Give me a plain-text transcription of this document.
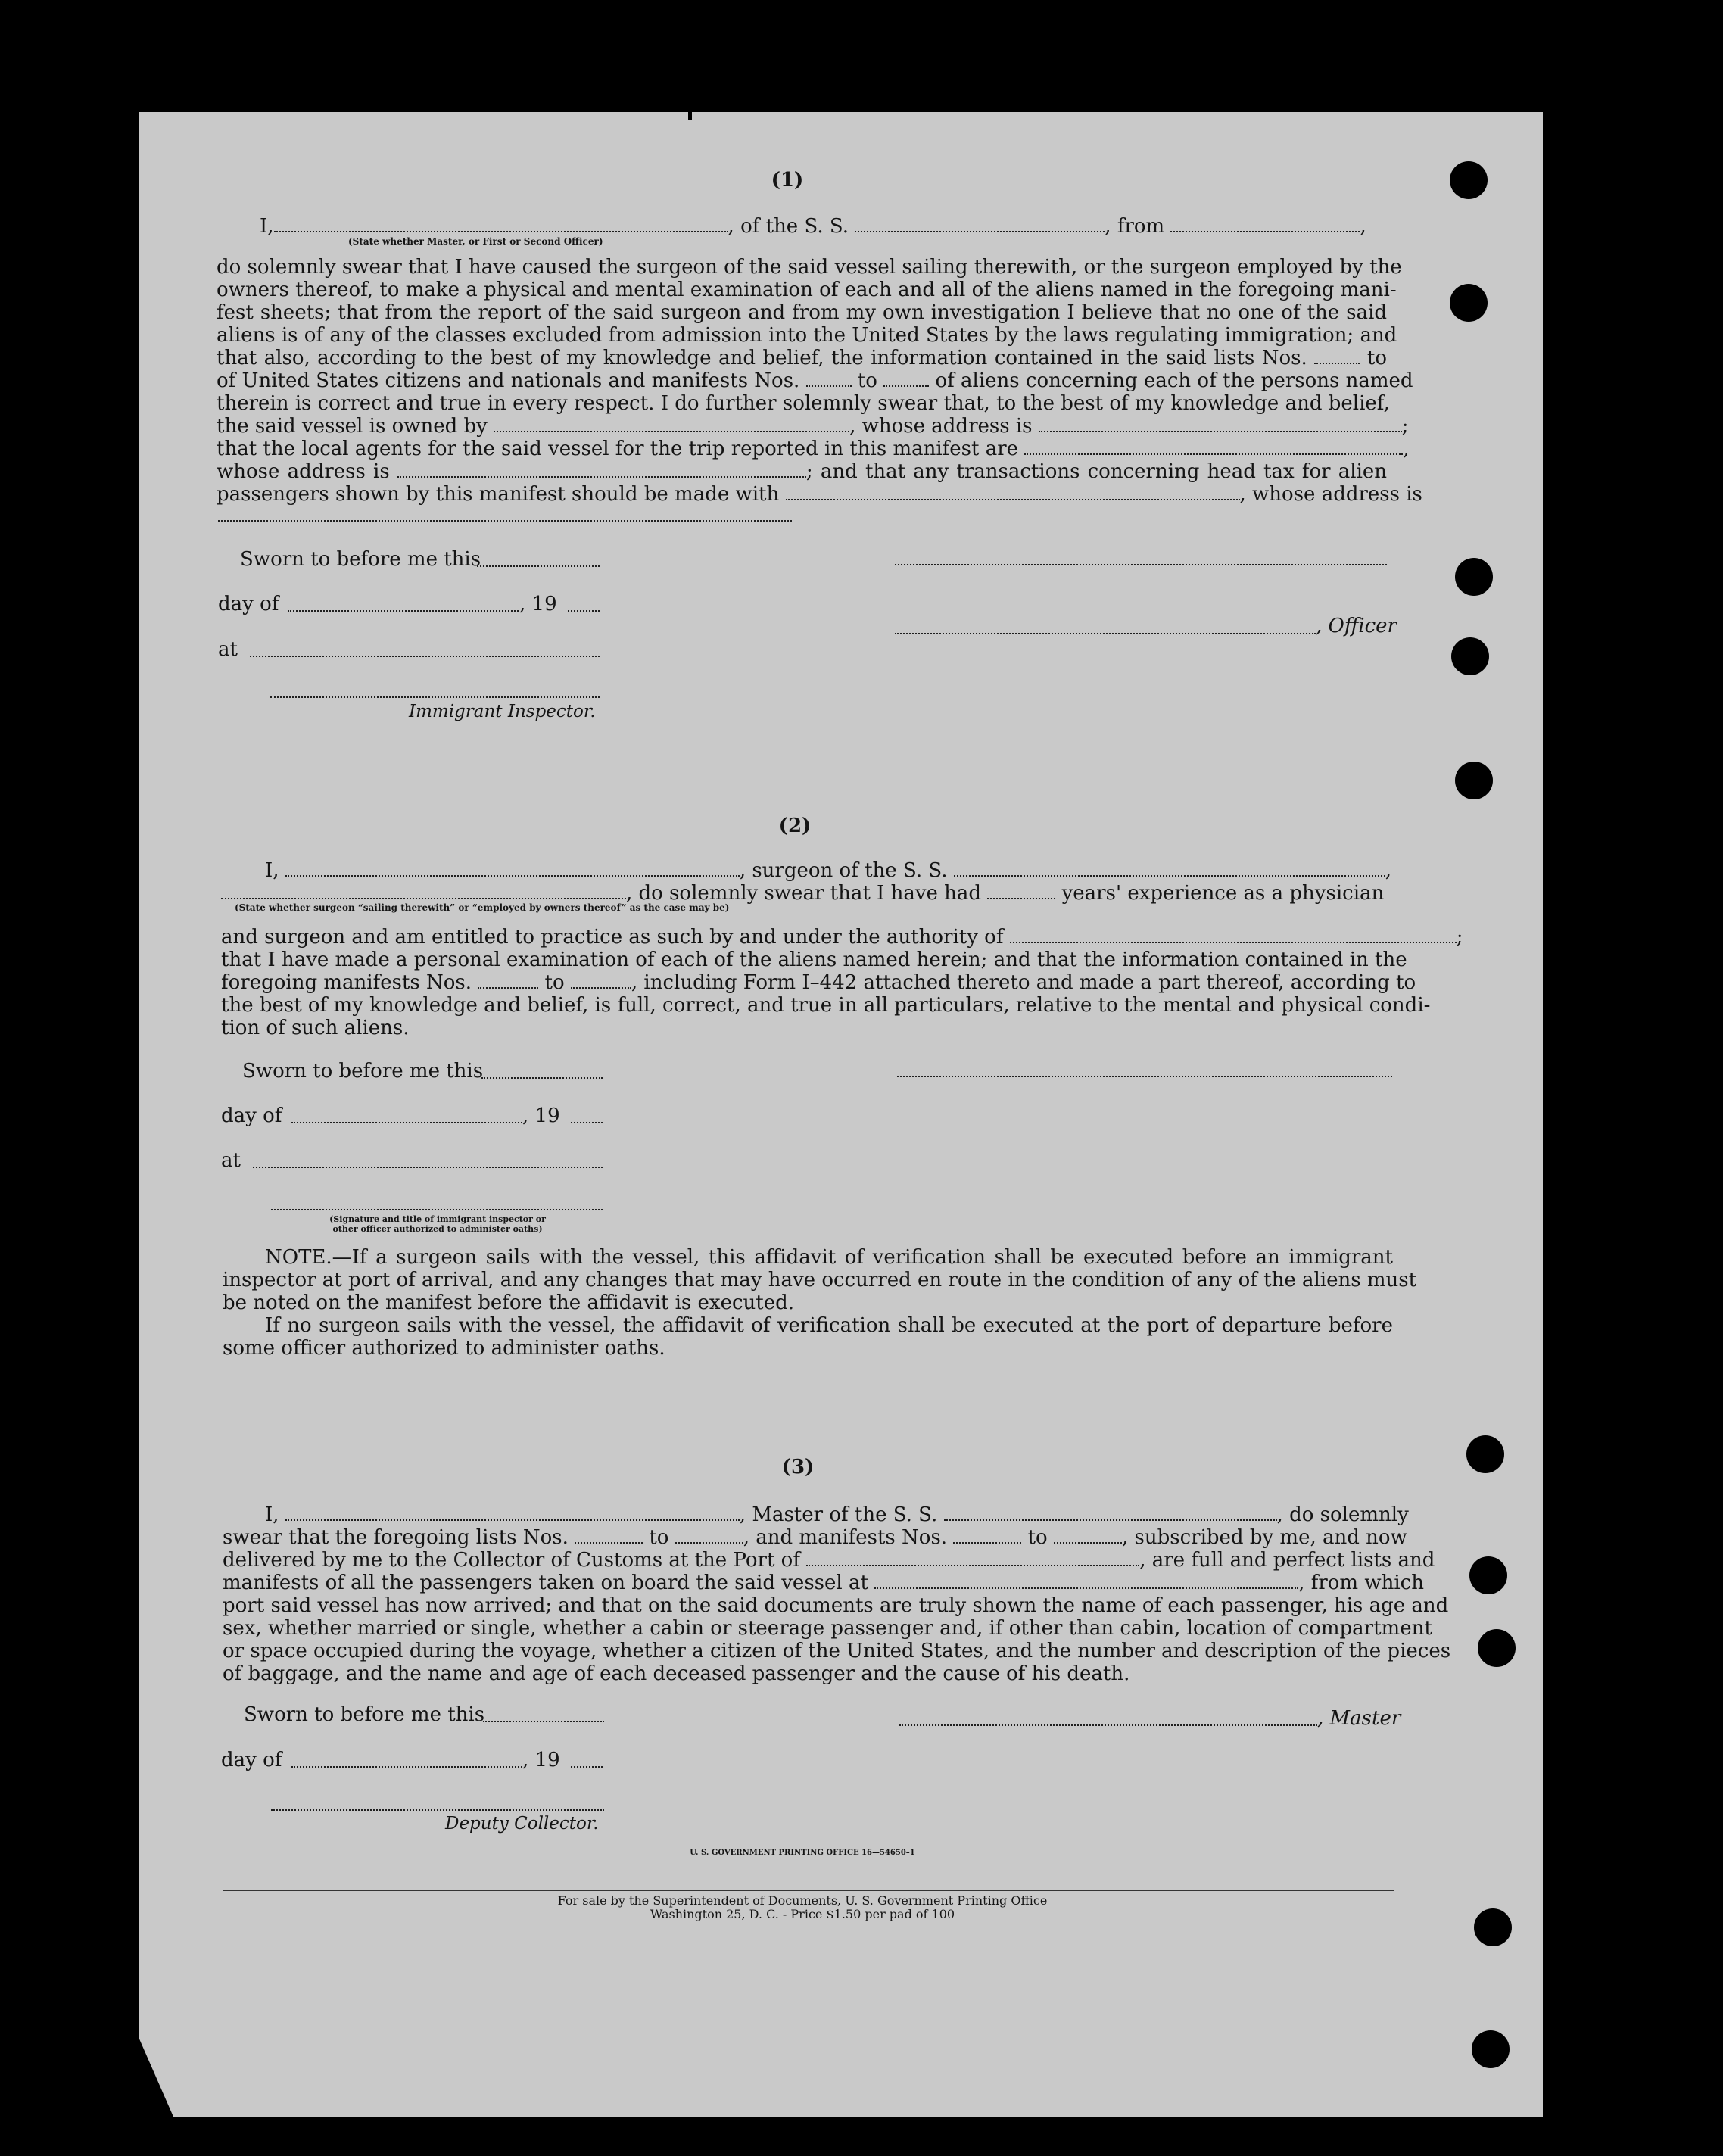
(1)
I,	, of the S. S.	, from	,
(State whether Master, or First or Second Officer)
do solemnly swear that I have caused the surgeon of the said vessel sailing therewith, or the surgeon employed by the
owners thereof, to make a physical and mental examination of each and all of the aliens named in the foregoing mani-
fest sheets; that from the report of the said surgeon and from my own investigation I believe that no one of the said
aliens is of any of the classes excluded from admission into the United States by the laws regulating immigration; and
that also, according to the best of my knowledge and belief, the information contained in the said lists Nos.	to
of United States citizens and nationals and manifests Nos.	to	of aliens concerning each of the persons named
therein is correct and true in every respect. I do further solemnly swear that, to the best of my knowledge and belief,
the said vessel is owned by	, whose address is	;
that the local agents for the said vessel for the trip reported in this manifest are	,
whose address is	; and that any transactions concerning head tax for alien
passengers shown by this manifest should be made with	, whose address is
Sworn to before me this
day of	, 19
at
Immigrant Inspector.
, Officer
(2)
I,	, surgeon of the S. S.	,
, do solemnly swear that I have had	years' experience as a physician
(State whether surgeon “sailing therewith” or “employed by owners thereof” as the case may be)
and surgeon and am entitled to practice as such by and under the authority of	;
that I have made a personal examination of each of the aliens named herein; and that the information contained in the
foregoing manifests Nos.	to	, including Form I–442 attached thereto and made a part thereof, according to
the best of my knowledge and belief, is full, correct, and true in all particulars, relative to the mental and physical condi-
tion of such aliens.
Sworn to before me this
day of	, 19
at
(Signature and title of immigrant inspector or
other officer authorized to administer oaths)
NOTE.—If a surgeon sails with the vessel, this affidavit of verification shall be executed before an immigrant
inspector at port of arrival, and any changes that may have occurred en route in the condition of any of the aliens must
be noted on the manifest before the affidavit is executed.
If no surgeon sails with the vessel, the affidavit of verification shall be executed at the port of departure before
some officer authorized to administer oaths.
(3)
I,	, Master of the S. S.	, do solemnly
swear that the foregoing lists Nos.	to	, and manifests Nos.	to	, subscribed by me, and now
delivered by me to the Collector of Customs at the Port of	, are full and perfect lists and
manifests of all the passengers taken on board the said vessel at	, from which
port said vessel has now arrived; and that on the said documents are truly shown the name of each passenger, his age and
sex, whether married or single, whether a cabin or steerage passenger and, if other than cabin, location of compartment
or space occupied during the voyage, whether a citizen of the United States, and the number and description of the pieces
of baggage, and the name and age of each deceased passenger and the cause of his death.
Sworn to before me this
day of	, 19
Deputy Collector.
, Master
U. S. GOVERNMENT PRINTING OFFICE 16—54650–1
For sale by the Superintendent of Documents, U. S. Government Printing Office
Washington 25, D. C. - Price $1.50 per pad of 100
